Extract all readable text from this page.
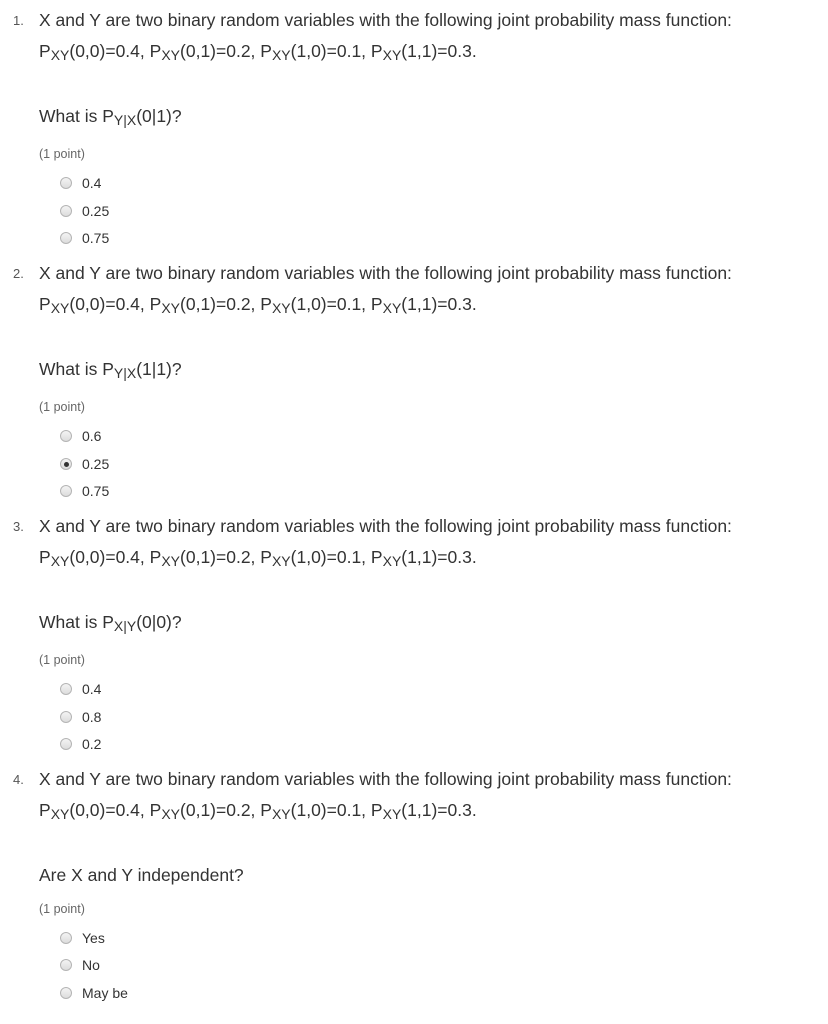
1. X and Y are two binary random variables with the following joint probability mass function:
$P_{XY}(0,0)=0.4$, $P_{XY}(0,1)=0.2$, $P_{XY}(1,0)=0.1$, $P_{XY}(1,1)=0.3$.
What is $P_{Y|X}(0|1)$?
(1 point)
0.4
0.25
0.75
2. X and Y are two binary random variables with the following joint probability mass function:
$P_{XY}(0,0)=0.4$, $P_{XY}(0,1)=0.2$, $P_{XY}(1,0)=0.1$, $P_{XY}(1,1)=0.3$.
What is $P_{Y|X}(1|1)$?
(1 point)
0.6
0.25
0.75
3. X and Y are two binary random variables with the following joint probability mass function:
$P_{XY}(0,0)=0.4$, $P_{XY}(0,1)=0.2$, $P_{XY}(1,0)=0.1$, $P_{XY}(1,1)=0.3$.
What is $P_{X|Y}(0|0)$?
(1 point)
0.4
0.8
0.2
4. X and Y are two binary random variables with the following joint probability mass function:
$P_{XY}(0,0)=0.4$, $P_{XY}(0,1)=0.2$, $P_{XY}(1,0)=0.1$, $P_{XY}(1,1)=0.3$.
Are X and Y independent?
(1 point)
Yes
No
May be
